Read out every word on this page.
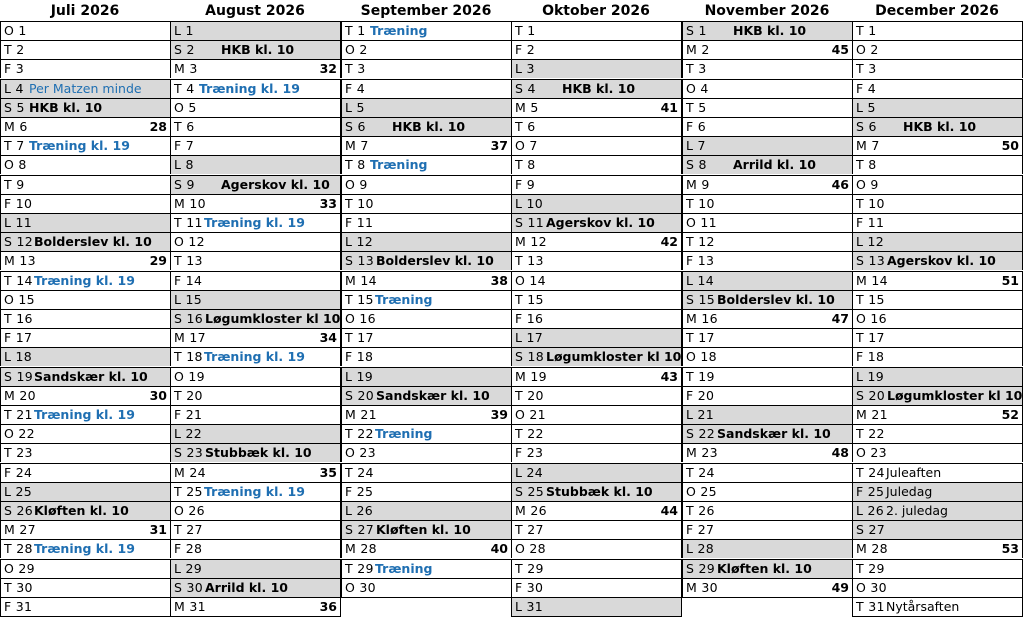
Juli 2026
O 1
T 2
F 3
L 4 Per Matzen minde
S 5 HKB kl. 10
M 6	28
T 7 Træning kl. 19
O 8
T 9
F 10
L 11
S 12 Bolderslev kl. 10
M 13	29
T 14 Træning kl. 19
O 15
T 16
F 17
L 18
S 19 Sandskær kl. 10
M 20	30
T 21 Træning kl. 19
O 22
T 23
F 24
L 25
S 26 Kløften kl. 10
M 27	31
T 28 Træning kl. 19
O 29
T 30
F 31
August 2026
L 1
S 2 HKB kl. 10
M 3	32
T 4 Træning kl. 19
O 5
T 6
F 7
L 8
S 9 Agerskov kl. 10
M 10	33
T 11 Træning kl. 19
O 12
T 13
F 14
L 15
S 16 Løgumkloster kl 10
M 17	34
T 18 Træning kl. 19
O 19
T 20
F 21
L 22
S 23 Stubbæk kl. 10
M 24	35
T 25 Træning kl. 19
O 26
T 27
F 28
L 29
S 30 Arrild kl. 10
M 31	36
September 2026
T 1 Træning
O 2
T 3
F 4
L 5
S 6 HKB kl. 10
M 7	37
T 8 Træning
O 9
T 10
F 11
L 12
S 13 Bolderslev kl. 10
M 14	38
T 15 Træning
O 16
T 17
F 18
L 19
S 20 Sandskær kl. 10
M 21	39
T 22 Træning
O 23
T 24
F 25
L 26
S 27 Kløften kl. 10
M 28	40
T 29 Træning
O 30
Oktober 2026
T 1
F 2
L 3
S 4 HKB kl. 10
M 5	41
T 6
O 7
T 8
F 9
L 10
S 11 Agerskov kl. 10
M 12	42
T 13
O 14
T 15
F 16
L 17
S 18 Løgumkloster kl 10
M 19	43
T 20
O 21
T 22
F 23
L 24
S 25 Stubbæk kl. 10
M 26	44
T 27
O 28
T 29
F 30
L 31
November 2026
S 1 HKB kl. 10
M 2	45
T 3
O 4
T 5
F 6
L 7
S 8 Arrild kl. 10
M 9	46
T 10
O 11
T 12
F 13
L 14
S 15 Bolderslev kl. 10
M 16	47
T 17
O 18
T 19
F 20
L 21
S 22 Sandskær kl. 10
M 23	48
T 24
O 25
T 26
F 27
L 28
S 29 Kløften kl. 10
M 30	49
December 2026
T 1
O 2
T 3
F 4
L 5
S 6 HKB kl. 10
M 7	50
T 8
O 9
T 10
F 11
L 12
S 13 Agerskov kl. 10
M 14	51
T 15
O 16
T 17
F 18
L 19
S 20 Løgumkloster kl 10
M 21	52
T 22
O 23
T 24 Juleaften
F 25 Juledag
L 26 2. juledag
S 27
M 28	53
T 29
O 30
T 31 Nytårsaften
